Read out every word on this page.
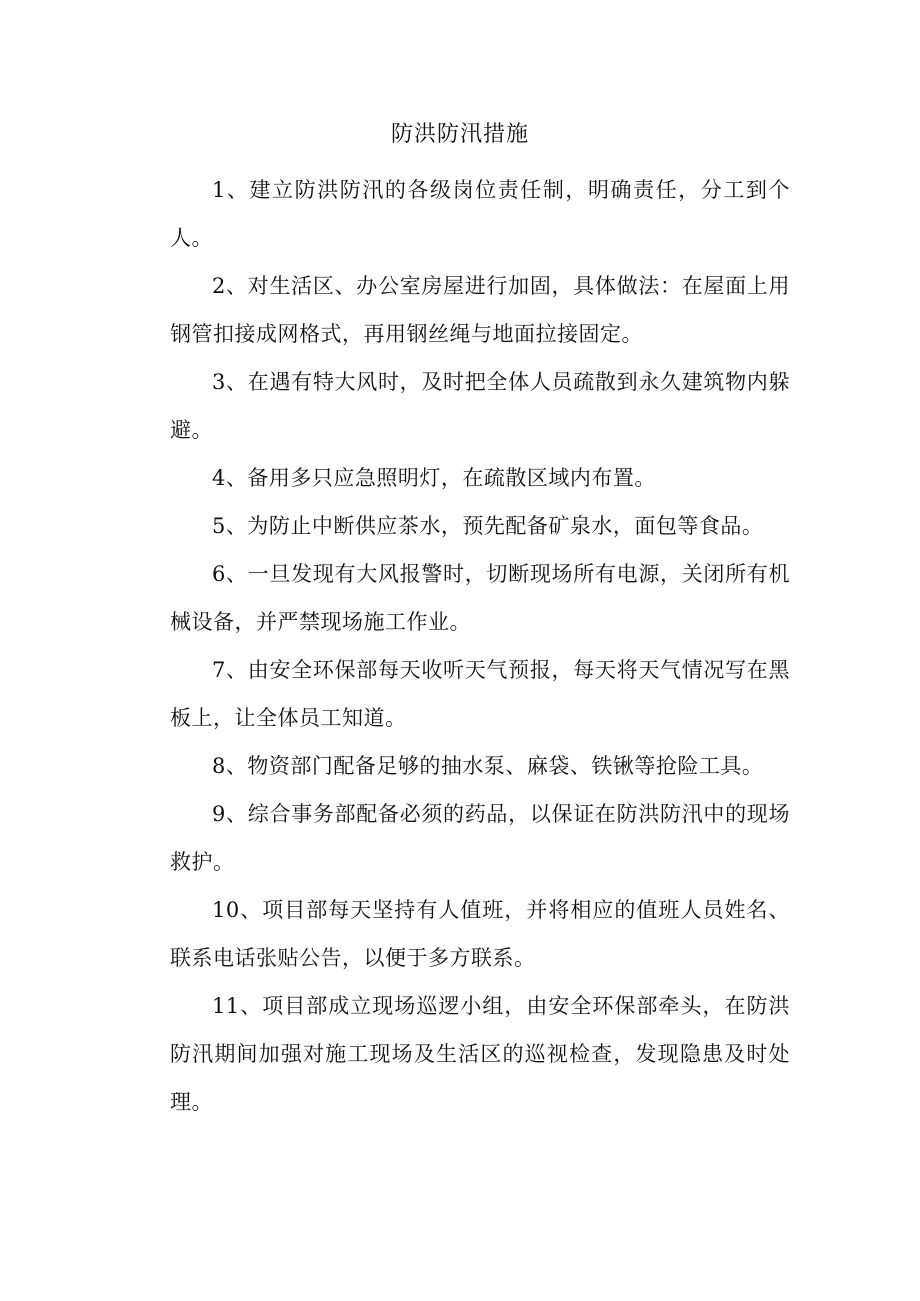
防洪防汛措施

1、建立防洪防汛的各级岗位责任制，明确责任，分工到个人。

2、对生活区、办公室房屋进行加固，具体做法：在屋面上用钢管扣接成网格式，再用钢丝绳与地面拉接固定。

3、在遇有特大风时，及时把全体人员疏散到永久建筑物内躲避。

4、备用多只应急照明灯，在疏散区域内布置。

5、为防止中断供应茶水，预先配备矿泉水，面包等食品。

6、一旦发现有大风报警时，切断现场所有电源，关闭所有机械设备，并严禁现场施工作业。

7、由安全环保部每天收听天气预报，每天将天气情况写在黑板上，让全体员工知道。

8、物资部门配备足够的抽水泵、麻袋、铁锹等抢险工具。

9、综合事务部配备必须的药品，以保证在防洪防汛中的现场救护。

10、项目部每天坚持有人值班，并将相应的值班人员姓名、联系电话张贴公告，以便于多方联系。

11、项目部成立现场巡逻小组，由安全环保部牵头，在防洪防汛期间加强对施工现场及生活区的巡视检查，发现隐患及时处理。
